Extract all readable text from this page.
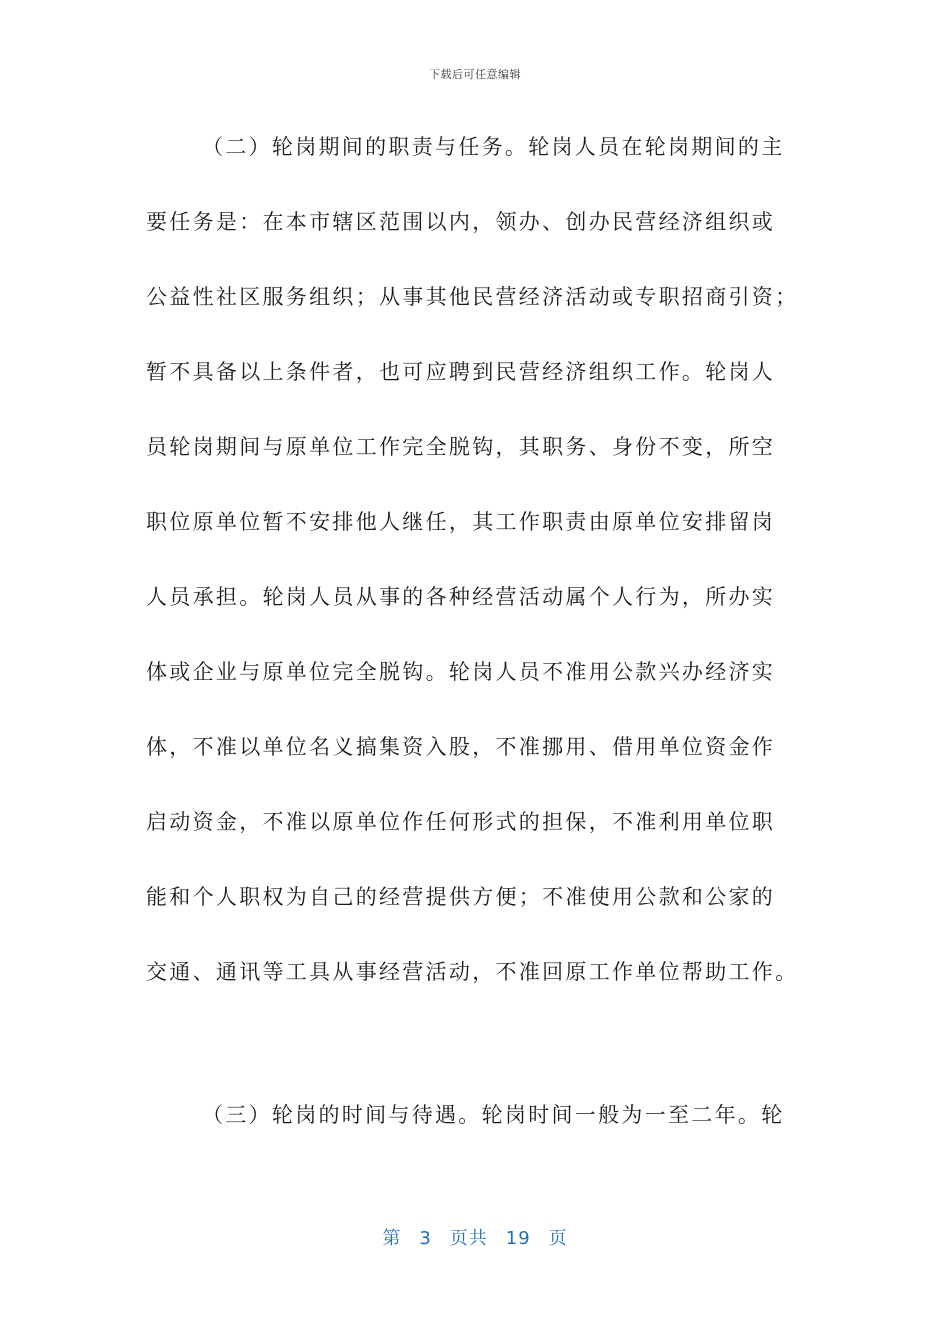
下载后可任意编辑
（二）轮岗期间的职责与任务。轮岗人员在轮岗期间的主
要任务是：在本市辖区范围以内，领办、创办民营经济组织或
公益性社区服务组织；从事其他民营经济活动或专职招商引资；
暂不具备以上条件者，也可应聘到民营经济组织工作。轮岗人
员轮岗期间与原单位工作完全脱钩，其职务、身份不变，所空
职位原单位暂不安排他人继任，其工作职责由原单位安排留岗
人员承担。轮岗人员从事的各种经营活动属个人行为，所办实
体或企业与原单位完全脱钩。轮岗人员不准用公款兴办经济实
体，不准以单位名义搞集资入股，不准挪用、借用单位资金作
启动资金，不准以原单位作任何形式的担保，不准利用单位职
能和个人职权为自己的经营提供方便；不准使用公款和公家的
交通、通讯等工具从事经营活动，不准回原工作单位帮助工作。
（三）轮岗的时间与待遇。轮岗时间一般为一至二年。轮
第 3 页共 19 页
